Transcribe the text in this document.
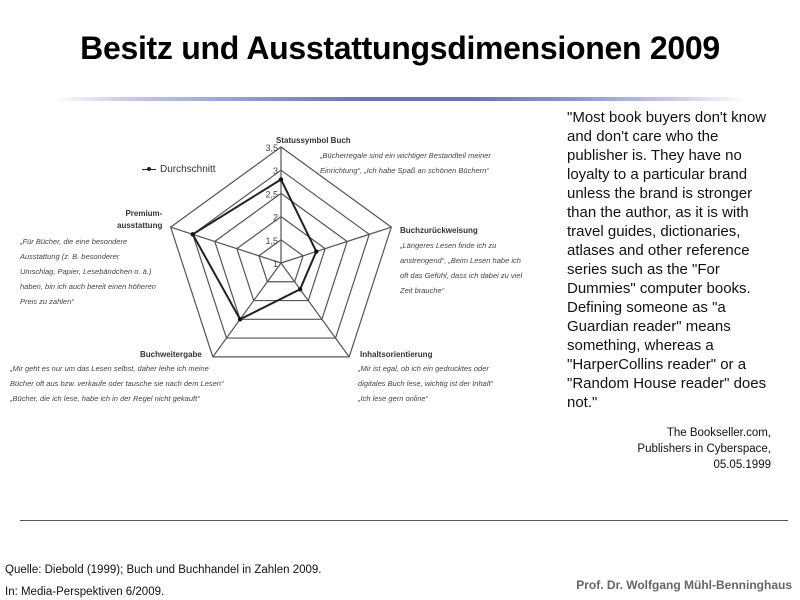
Besitz und Ausstattungsdimensionen 2009
1
1,5
2
2,5
3
3,5
Durchschnitt
Statussymbol Buch
„Bücherregale sind ein wichtiger Bestandteil meiner
Einrichtung“, „Ich habe Spaß an schönen Büchern“
Buchzurückweisung
„Längeres Lesen finde ich zu
anstrengend“, „Beim Lesen habe ich
oft das Gefühl, dass ich dabei zu viel
Zeit brauche“
Inhaltsorientierung
„Mir ist egal, ob ich ein gedrucktes oder
digitales Buch lese, wichtig ist der Inhalt“
„Ich lese gern online“
Buchweitergabe
„Mir geht es nur um das Lesen selbst, daher leihe ich meine
Bücher oft aus bzw. verkaufe oder tausche sie nach dem Lesen“
„Bücher, die ich lese, habe ich in der Regel nicht gekauft“
Premium-
ausstattung
„Für Bücher, die eine besondere
Ausstattung (z. B. besonderer
Umschlag, Papier, Lesebändchen o. ä.)
haben, bin ich auch bereit einen höheren
Preis zu zahlen“
"Most book buyers don't know and don't care who the publisher is. They have no loyalty to a particular brand unless the brand is stronger than the author, as it is with travel guides, dictionaries, atlases and other reference series such as the "For Dummies" computer books. Defining someone as "a Guardian reader" means something, whereas a "HarperCollins reader" or a "Random House reader" does not."
The Bookseller.com,
Publishers in Cyberspace,
05.05.1999
Quelle: Diebold (1999); Buch und Buchhandel in Zahlen 2009.
In: Media-Perspektiven 6/2009.	Prof. Dr. Wolfgang Mühl-Benninghaus
